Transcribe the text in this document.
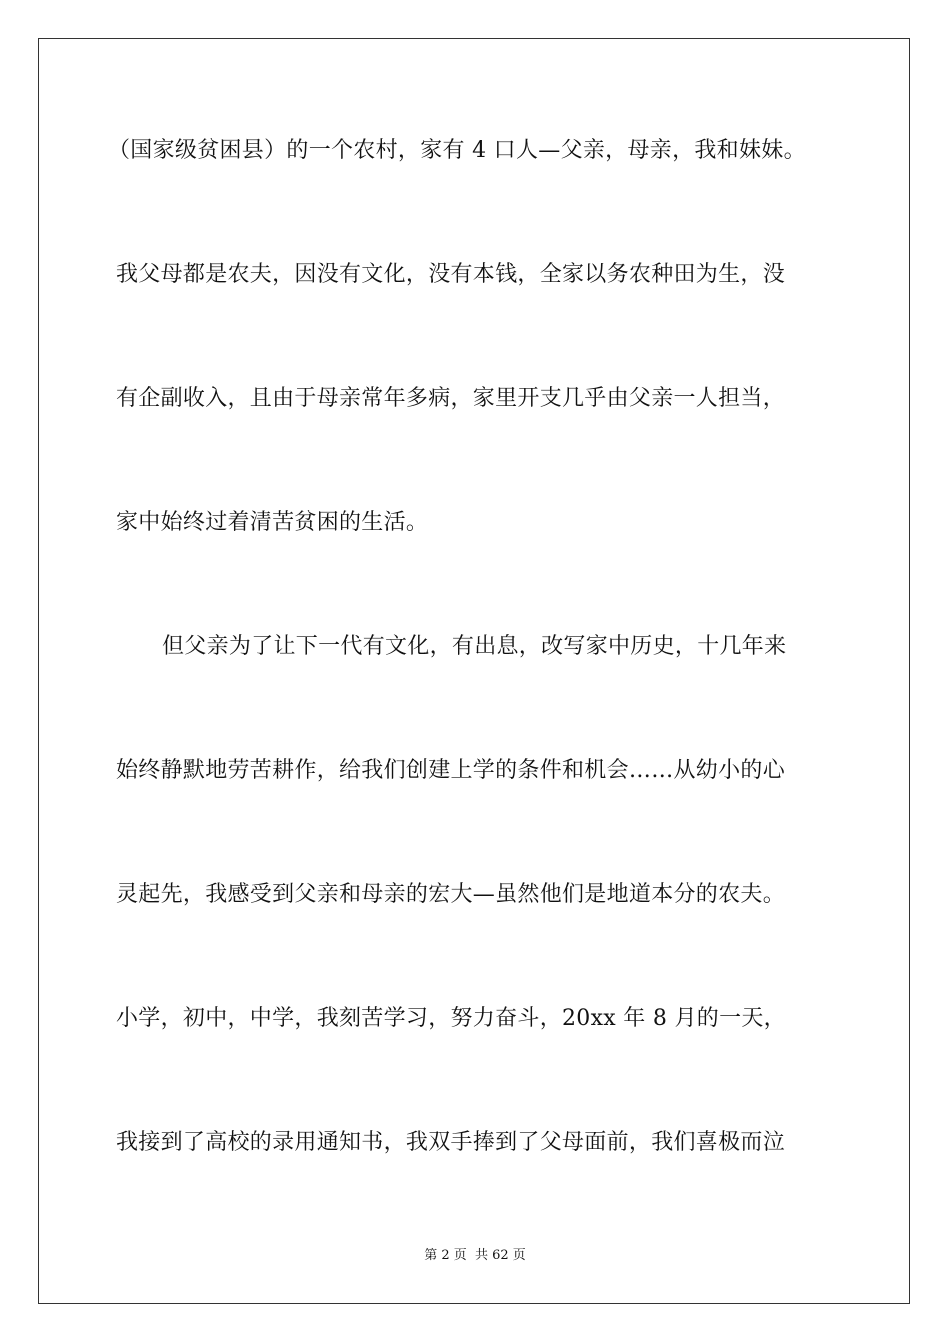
（国家级贫困县）的一个农村，家有 4 口人—父亲，母亲，我和妹妹。
我父母都是农夫，因没有文化，没有本钱，全家以务农种田为生，没
有企副收入，且由于母亲常年多病，家里开支几乎由父亲一人担当，
家中始终过着清苦贫困的生活。
但父亲为了让下一代有文化，有出息，改写家中历史，十几年来
始终静默地劳苦耕作，给我们创建上学的条件和机会……从幼小的心
灵起先，我感受到父亲和母亲的宏大—虽然他们是地道本分的农夫。
小学，初中，中学，我刻苦学习，努力奋斗，20xx 年 8 月的一天，
我接到了高校的录用通知书，我双手捧到了父母面前，我们喜极而泣
第 2 页 共 62 页
